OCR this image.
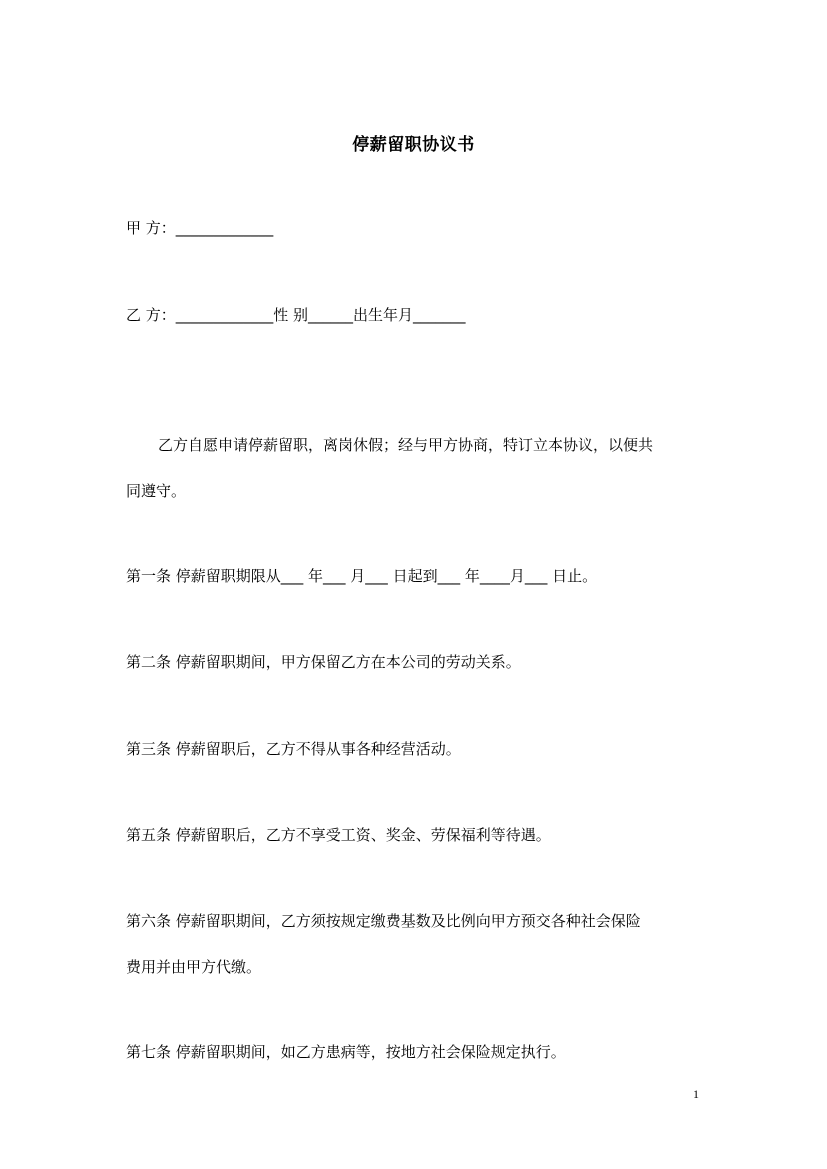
停薪留职协议书
甲 方：_____________
乙 方：_____________性 别______出生年月_______
乙方自愿申请停薪留职，离岗休假；经与甲方协商，特订立本协议，以便共
同遵守。
第一条 停薪留职期限从___ 年___ 月___ 日起到___ 年____月___ 日止。
第二条 停薪留职期间，甲方保留乙方在本公司的劳动关系。
第三条 停薪留职后，乙方不得从事各种经营活动。
第五条 停薪留职后，乙方不享受工资、奖金、劳保福利等待遇。
第六条 停薪留职期间，乙方须按规定缴费基数及比例向甲方预交各种社会保险
费用并由甲方代缴。
第七条 停薪留职期间，如乙方患病等，按地方社会保险规定执行。
1
